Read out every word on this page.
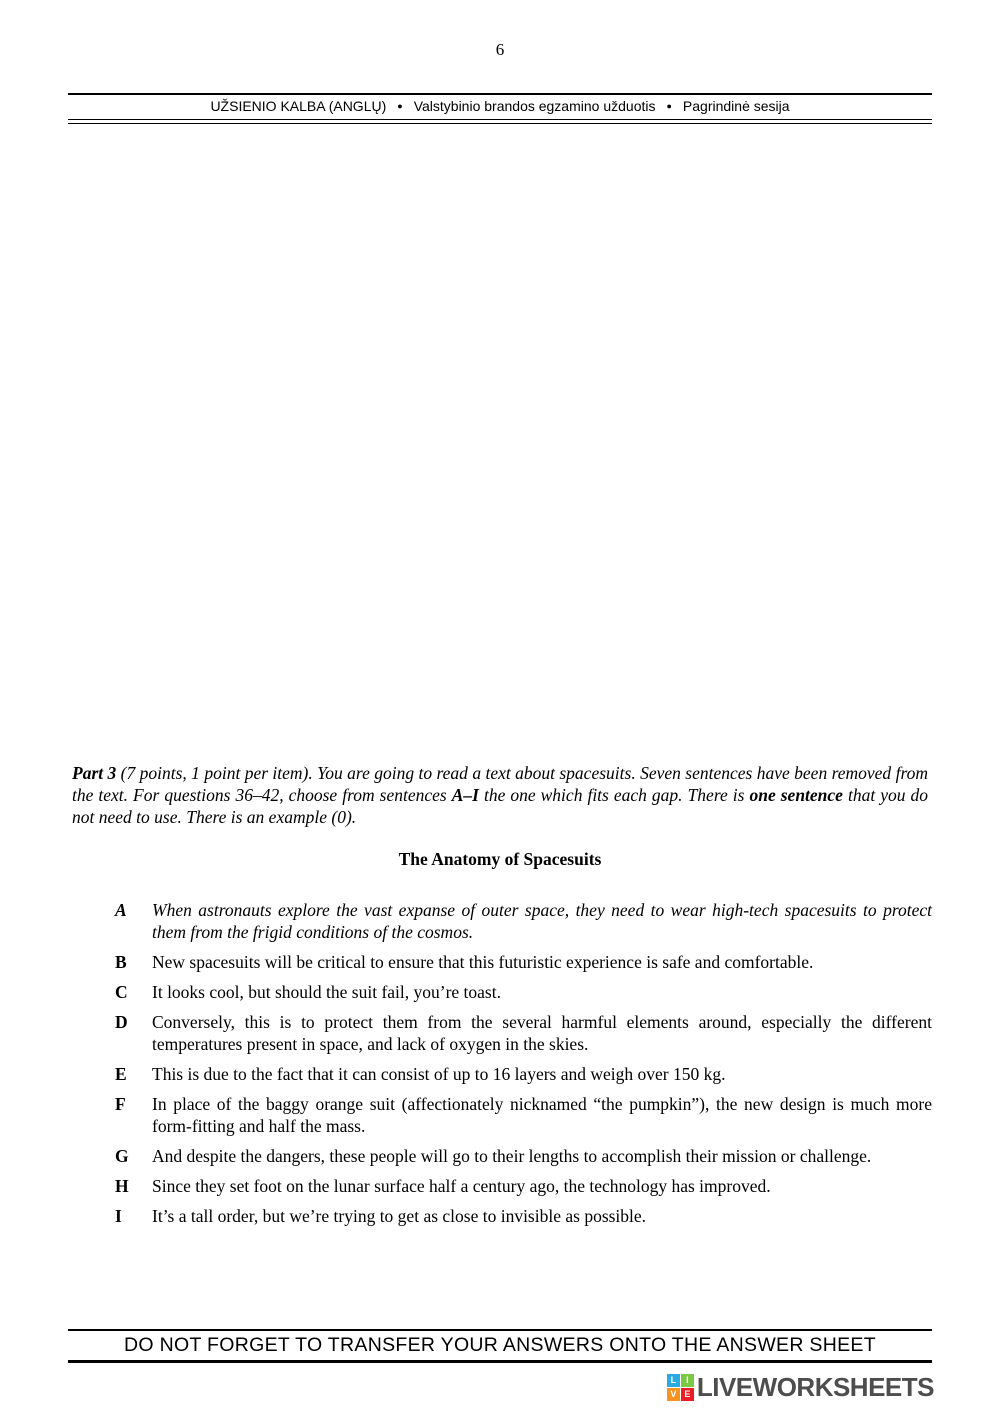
6
UŽSIENIO KALBA (ANGLŲ) ● Valstybinio brandos egzamino užduotis ● Pagrindinė sesija

Part 3 (7 points, 1 point per item). You are going to read a text about spacesuits. Seven sentences have been removed from the text. For questions 36–42, choose from sentences A–I the one which fits each gap. There is one sentence that you do not need to use. There is an example (0).

The Anatomy of Spacesuits
A	When astronauts explore the vast expanse of outer space, they need to wear high-tech spacesuits to protect them from the frigid conditions of the cosmos.
B	New spacesuits will be critical to ensure that this futuristic experience is safe and comfortable.
C	It looks cool, but should the suit fail, you’re toast.
D	Conversely, this is to protect them from the several harmful elements around, especially the different temperatures present in space, and lack of oxygen in the skies.
E	This is due to the fact that it can consist of up to 16 layers and weigh over 150 kg.
F	In place of the baggy orange suit (affectionately nicknamed “the pumpkin”), the new design is much more form-fitting and half the mass.
G	And despite the dangers, these people will go to their lengths to accomplish their mission or challenge.
H	Since they set foot on the lunar surface half a century ago, the technology has improved.
I	It’s a tall order, but we’re trying to get as close to invisible as possible.
DO NOT FORGET TO TRANSFER YOUR ANSWERS ONTO THE ANSWER SHEET
L	I
V E LIVEWORKSHEETS
